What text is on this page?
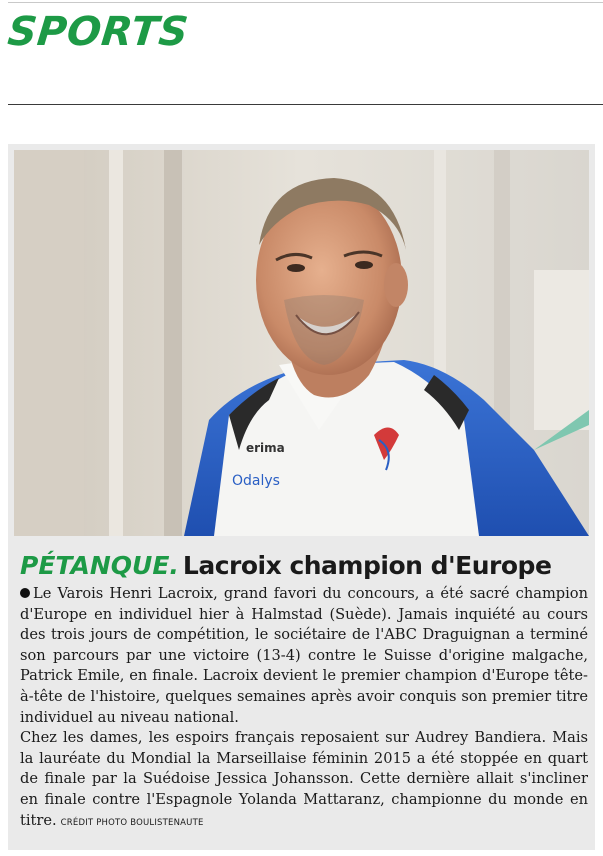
SPORTS
erima
Odalys
PÉTANQUE. Lacroix champion d'Europe

Le Varois Henri Lacroix, grand favori du concours, a été sacré champion d'Europe en individuel hier à Halmstad (Suède). Jamais inquiété au cours des trois jours de compétition, le sociétaire de l'ABC Draguignan a terminé son parcours par une victoire (13-4) contre le Suisse d'origine malgache, Patrick Emile, en finale. Lacroix devient le premier champion d'Europe tête-à-tête de l'histoire, quelques semaines après avoir conquis son premier titre individuel au niveau national.

Chez les dames, les espoirs français reposaient sur Audrey Bandiera. Mais la lauréate du Mondial la Marseillaise féminin 2015 a été stoppée en quart de finale par la Suédoise Jessica Johansson. Cette dernière allait s'incliner en finale contre l'Espagnole Yolanda Mattaranz, championne du monde en titre. CRÉDIT PHOTO BOULISTENAUTE
